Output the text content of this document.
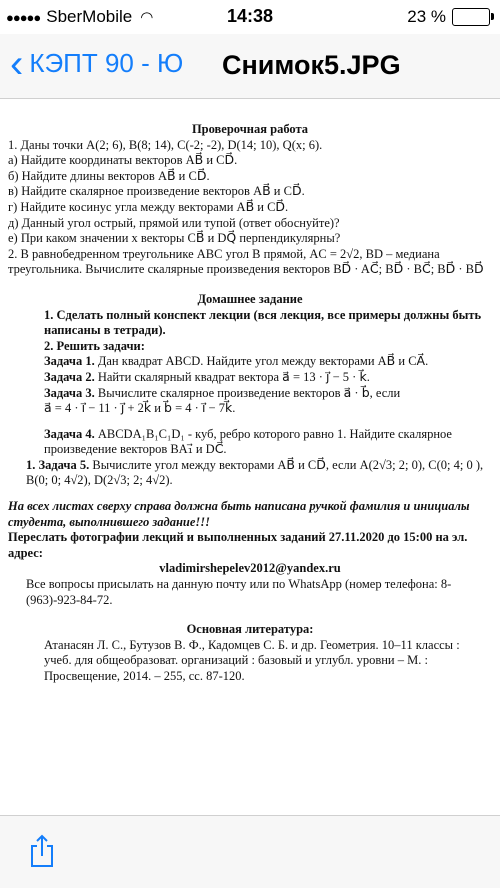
●●●●● SberMobile ◠	14:38	23 %
‹ КЭПТ 90 - Ю Снимок5.JPG

Проверочная работа

1. Даны точки A(2; 6), B(8; 14), C(-2; -2), D(14; 10), Q(x; 6).

а) Найдите координаты векторов AB⃗ и CD⃗.

б) Найдите длины векторов AB⃗ и CD⃗.

в) Найдите скалярное произведение векторов AB⃗ и CD⃗.

г) Найдите косинус угла между векторами AB⃗ и CD⃗.

д) Данный угол острый, прямой или тупой (ответ обоснуйте)?

е) При каком значении x векторы CB⃗ и DQ⃗ перпендикулярны?

2. В равнобедренном треугольнике ABC угол B прямой, AC = 2√2, BD – медиана треугольника. Вычислите скалярные произведения векторов BD⃗ · AC⃗; BD⃗ · BC⃗; BD⃗ · BD⃗

Домашнее задание

1. Сделать полный конспект лекции (вся лекция, все примеры должны быть написаны в тетради).

2. Решить задачи:

Задача 1. Дан квадрат ABCD. Найдите угол между векторами AB⃗ и CA⃗.

Задача 2. Найти скалярный квадрат вектора a⃗ = 13 · j⃗ − 5 · k⃗.

Задача 3. Вычислите скалярное произведение векторов a⃗ · b⃗, если

a⃗ = 4 · i⃗ − 11 · j⃗ + 2k⃗ и b⃗ = 4 · i⃗ − 7k⃗.

Задача 4. ABCDA₁B₁C₁D₁ - куб, ребро которого равно 1. Найдите скалярное произведение векторов BA₁⃗ и DC⃗.

1. Задача 5. Вычислите угол между векторами AB⃗ и CD⃗, если A(2√3; 2; 0), C(0; 4; 0 ), B(0; 0; 4√2), D(2√3; 2; 4√2).

На всех листах сверху справа должна быть написана ручкой фамилия и инициалы студента, выполнившего задание!!!

Переслать фотографии лекций и выполненных заданий 27.11.2020 до 15:00 на эл. адрес:

vladimirshepelev2012@yandex.ru

Все вопросы присылать на данную почту или по WhatsApp (номер телефона: 8-(963)-923-84-72.

Основная литература:

Атанасян Л. С., Бутузов В. Ф., Кадомцев С. Б. и др. Геометрия. 10–11 классы : учеб. для общеобразоват. организаций : базовый и углубл. уровни – М. : Просвещение, 2014. – 255, сс. 87-120.
